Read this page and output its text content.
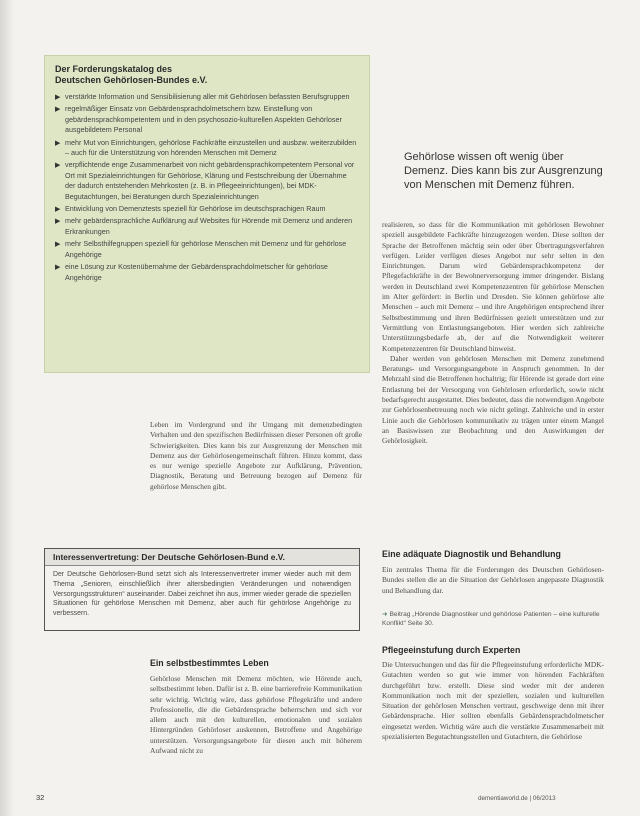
Der Forderungskatalog des
Deutschen Gehörlosen-Bundes e.V.
▶ verstärkte Information und Sensibilisierung aller mit Gehörlosen befassten Berufsgruppen
▶ regelmäßiger Einsatz von Gebärdensprachdolmetschern bzw. Einstellung von gebärdensprachkompetentem und in den psychosozio-kulturellen Aspekten Gehörloser ausgebildetem Personal
▶ mehr Mut von Einrichtungen, gehörlose Fachkräfte einzustellen und ausbzw. weiterzubilden – auch für die Unterstützung von hörenden Menschen mit Demenz
▶ verpflichtende enge Zusammenarbeit von nicht gebärdensprachkompetentem Personal vor Ort mit Spezialeinrichtungen für Gehörlose, Klärung und Festschreibung der Übernahme der dadurch entstehenden Mehrkosten (z. B. in Pflegeeinrichtungen), bei MDK-Begutachtungen, bei Beratungen durch Spezialeinrichtungen
▶ Entwicklung von Demenztests speziell für Gehörlose im deutschsprachigen Raum
▶ mehr gebärdensprachliche Aufklärung auf Websites für Hörende mit Demenz und anderen Erkrankungen
▶ mehr Selbsthilfegruppen speziell für gehörlose Menschen mit Demenz und für gehörlose Angehörige
▶ eine Lösung zur Kostenübernahme der Gebärdensprachdolmetscher für gehörlose Angehörige
Gehörlose wissen oft wenig über Demenz. Dies kann bis zur Ausgrenzung von Menschen mit Demenz führen.

realisieren, so dass für die Kommunikation mit gehörlosen Bewohner speziell ausgebildete Fachkräfte hinzugezogen werden. Diese sollten der Sprache der Betroffenen mächtig sein oder über Übertragungsverfahren verfügen. Leider verfügen dieses Angebot nur sehr selten in den Einrichtungen. Darum wird Gebärdensprachkompetenz der Pflegefachkräfte in der Bewohnerversorgung immer dringender. Bislang werden in Deutschland zwei Kompetenzzentren für gehörlose Menschen im Alter gefördert: in Berlin und Dresden. Sie können gehörlose alte Menschen – auch mit Demenz – und ihre Angehörigen entsprechend ihrer Selbstbestimmung und ihren Bedürfnissen gezielt unterstützen und zur Vermittlung von Entlastungsangeboten. Hier werden sich zahlreiche Unterstützungsbedarfe ab, der auf die Notwendigkeit weiterer Kompetenzzentren für Deutschland hinweist.

Daher werden von gehörlosen Menschen mit Demenz zunehmend Beratungs- und Versorgungsangebote in Anspruch genommen. In der Mehrzahl sind die Betroffenen hochaltrig; für Hörende ist gerade dort eine Entlastung bei der Versorgung von Gehörlosen erforderlich, sowie nicht bedarfsgerecht ausgestattet. Dies bedeutet, dass die notwendigen Angebote zur Gehörlosenbetreuung noch wie nicht gelingt. Zahlreiche und in erster Linie auch die Gehörlosen kommunikativ zu trägen unter einem Mangel an Basiswissen zur Beobachtung und den Auswirkungen der Gehörlosigkeit.

Leben im Vordergrund und ihr Umgang mit demenzbedingten Verhalten und den spezifischen Bedürfnissen dieser Personen oft große Schwierigkeiten. Dies kann bis zur Ausgrenzung der Menschen mit Demenz aus der Gehörlosengemeinschaft führen. Hinzu kommt, dass es nur wenige spezielle Angebote zur Aufklärung, Prävention, Diagnostik, Beratung und Betreuung bezogen auf Demenz für gehörlose Menschen gibt.

Eine adäquate Diagnostik und Behandlung

Ein zentrales Thema für die Forderungen des Deutschen Gehörlosen-Bundes stellen die an die Situation der Gehörlosen angepasste Diagnostik und Behandlung dar.
➜ Beitrag „Hörende Diagnostiker und gehörlose Patienten – eine kulturelle Konflikt“ Seite 30.
Interessenvertretung: Der Deutsche Gehörlosen-Bund e.V.
Der Deutsche Gehörlosen-Bund setzt sich als Interessenvertreter immer wieder auch mit dem Thema „Senioren, einschließlich ihrer altersbedingten Veränderungen und notwendigen Versorgungsstrukturen“ auseinander. Dabei zeichnet ihn aus, immer wieder gerade die speziellen Situationen für gehörlose Menschen mit Demenz, aber auch für gehörlose Angehörige zu verbessern.

Ein selbstbestimmtes Leben

Gehörlose Menschen mit Demenz möchten, wie Hörende auch, selbstbestimmt leben. Dafür ist z. B. eine barrierefreie Kommunikation sehr wichtig. Wichtig wäre, dass gehörlose Pflegekräfte und andere Professionelle, die die Gebärdensprache beherrschen und sich vor allem auch mit den kulturellen, emotionalen und sozialen Hintergründen Gehörloser auskennen, Betroffene und Angehörige unterstützen. Versorgungsangebote für diesen auch mit höherem Aufwand nicht zu

Pflegeeinstufung durch Experten

Die Untersuchungen und das für die Pflegeeinstufung erforderliche MDK-Gutachten werden so gut wie immer von hörenden Fachkräften durchgeführt bzw. erstellt. Diese sind weder mit der anderen Kommunikation noch mit der speziellen, sozialen und kulturellen Situation der gehörlosen Menschen vertraut, geschweige denn mit ihrer Gebärdensprache. Hier sollten ebenfalls Gebärdensprachdolmetscher eingesetzt werden. Wichtig wäre auch die verstärkte Zusammenarbeit mit spezialisierten Begutachtungsstellen und Gutachtern, die Gehörlose
32	dementiaworld.de | 06/2013
